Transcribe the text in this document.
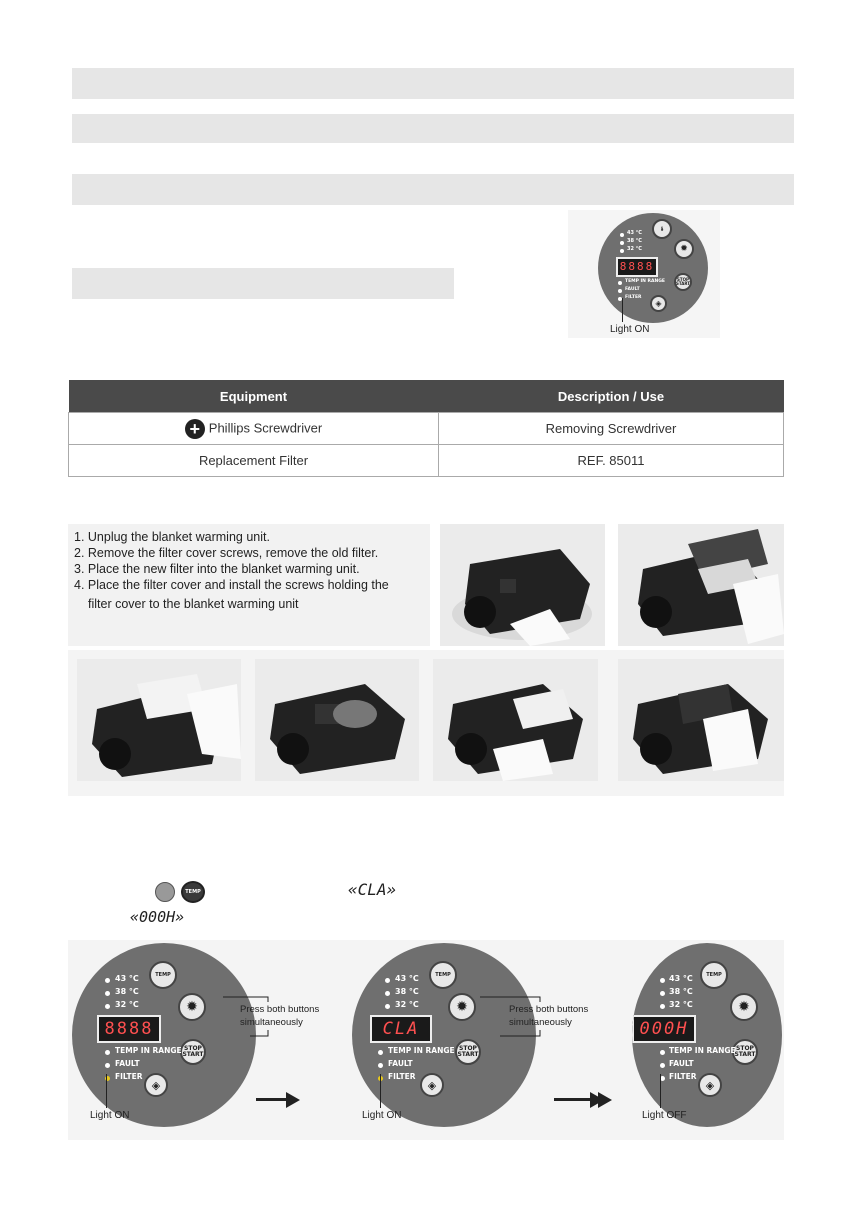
43 °C
38 °C
32 °C
🌡
✹
8888
STOP
START
TEMP IN RANGE
FAULT
FILTER
◈
Light ON
Equipment	Description / Use
+ Phillips Screwdriver	Removing Screwdriver
Replacement Filter	REF. 85011
1. Unplug the blanket warming unit.
2. Remove the filter cover screws, remove the old filter.
3. Place the new filter into the blanket warming unit.
4. Place the filter cover and install the screws holding the
filter cover to the blanket warming unit
TEMP	«CLA»
«000H»
43 °C
38 °C
32 °C
TEMP
✹
8888
STOP
START
TEMP IN RANGE
FAULT
FILTER
◈
Press both buttons simultaneously
Light ON
43 °C
38 °C
32 °C
TEMP
✹
CLA
STOP
START
TEMP IN RANGE
FAULT
FILTER
◈
Press both buttons simultaneously
Light ON
43 °C
38 °C
32 °C
TEMP
✹
000H
STOP
START
TEMP IN RANGE
FAULT
FILTER
◈
Light OFF
